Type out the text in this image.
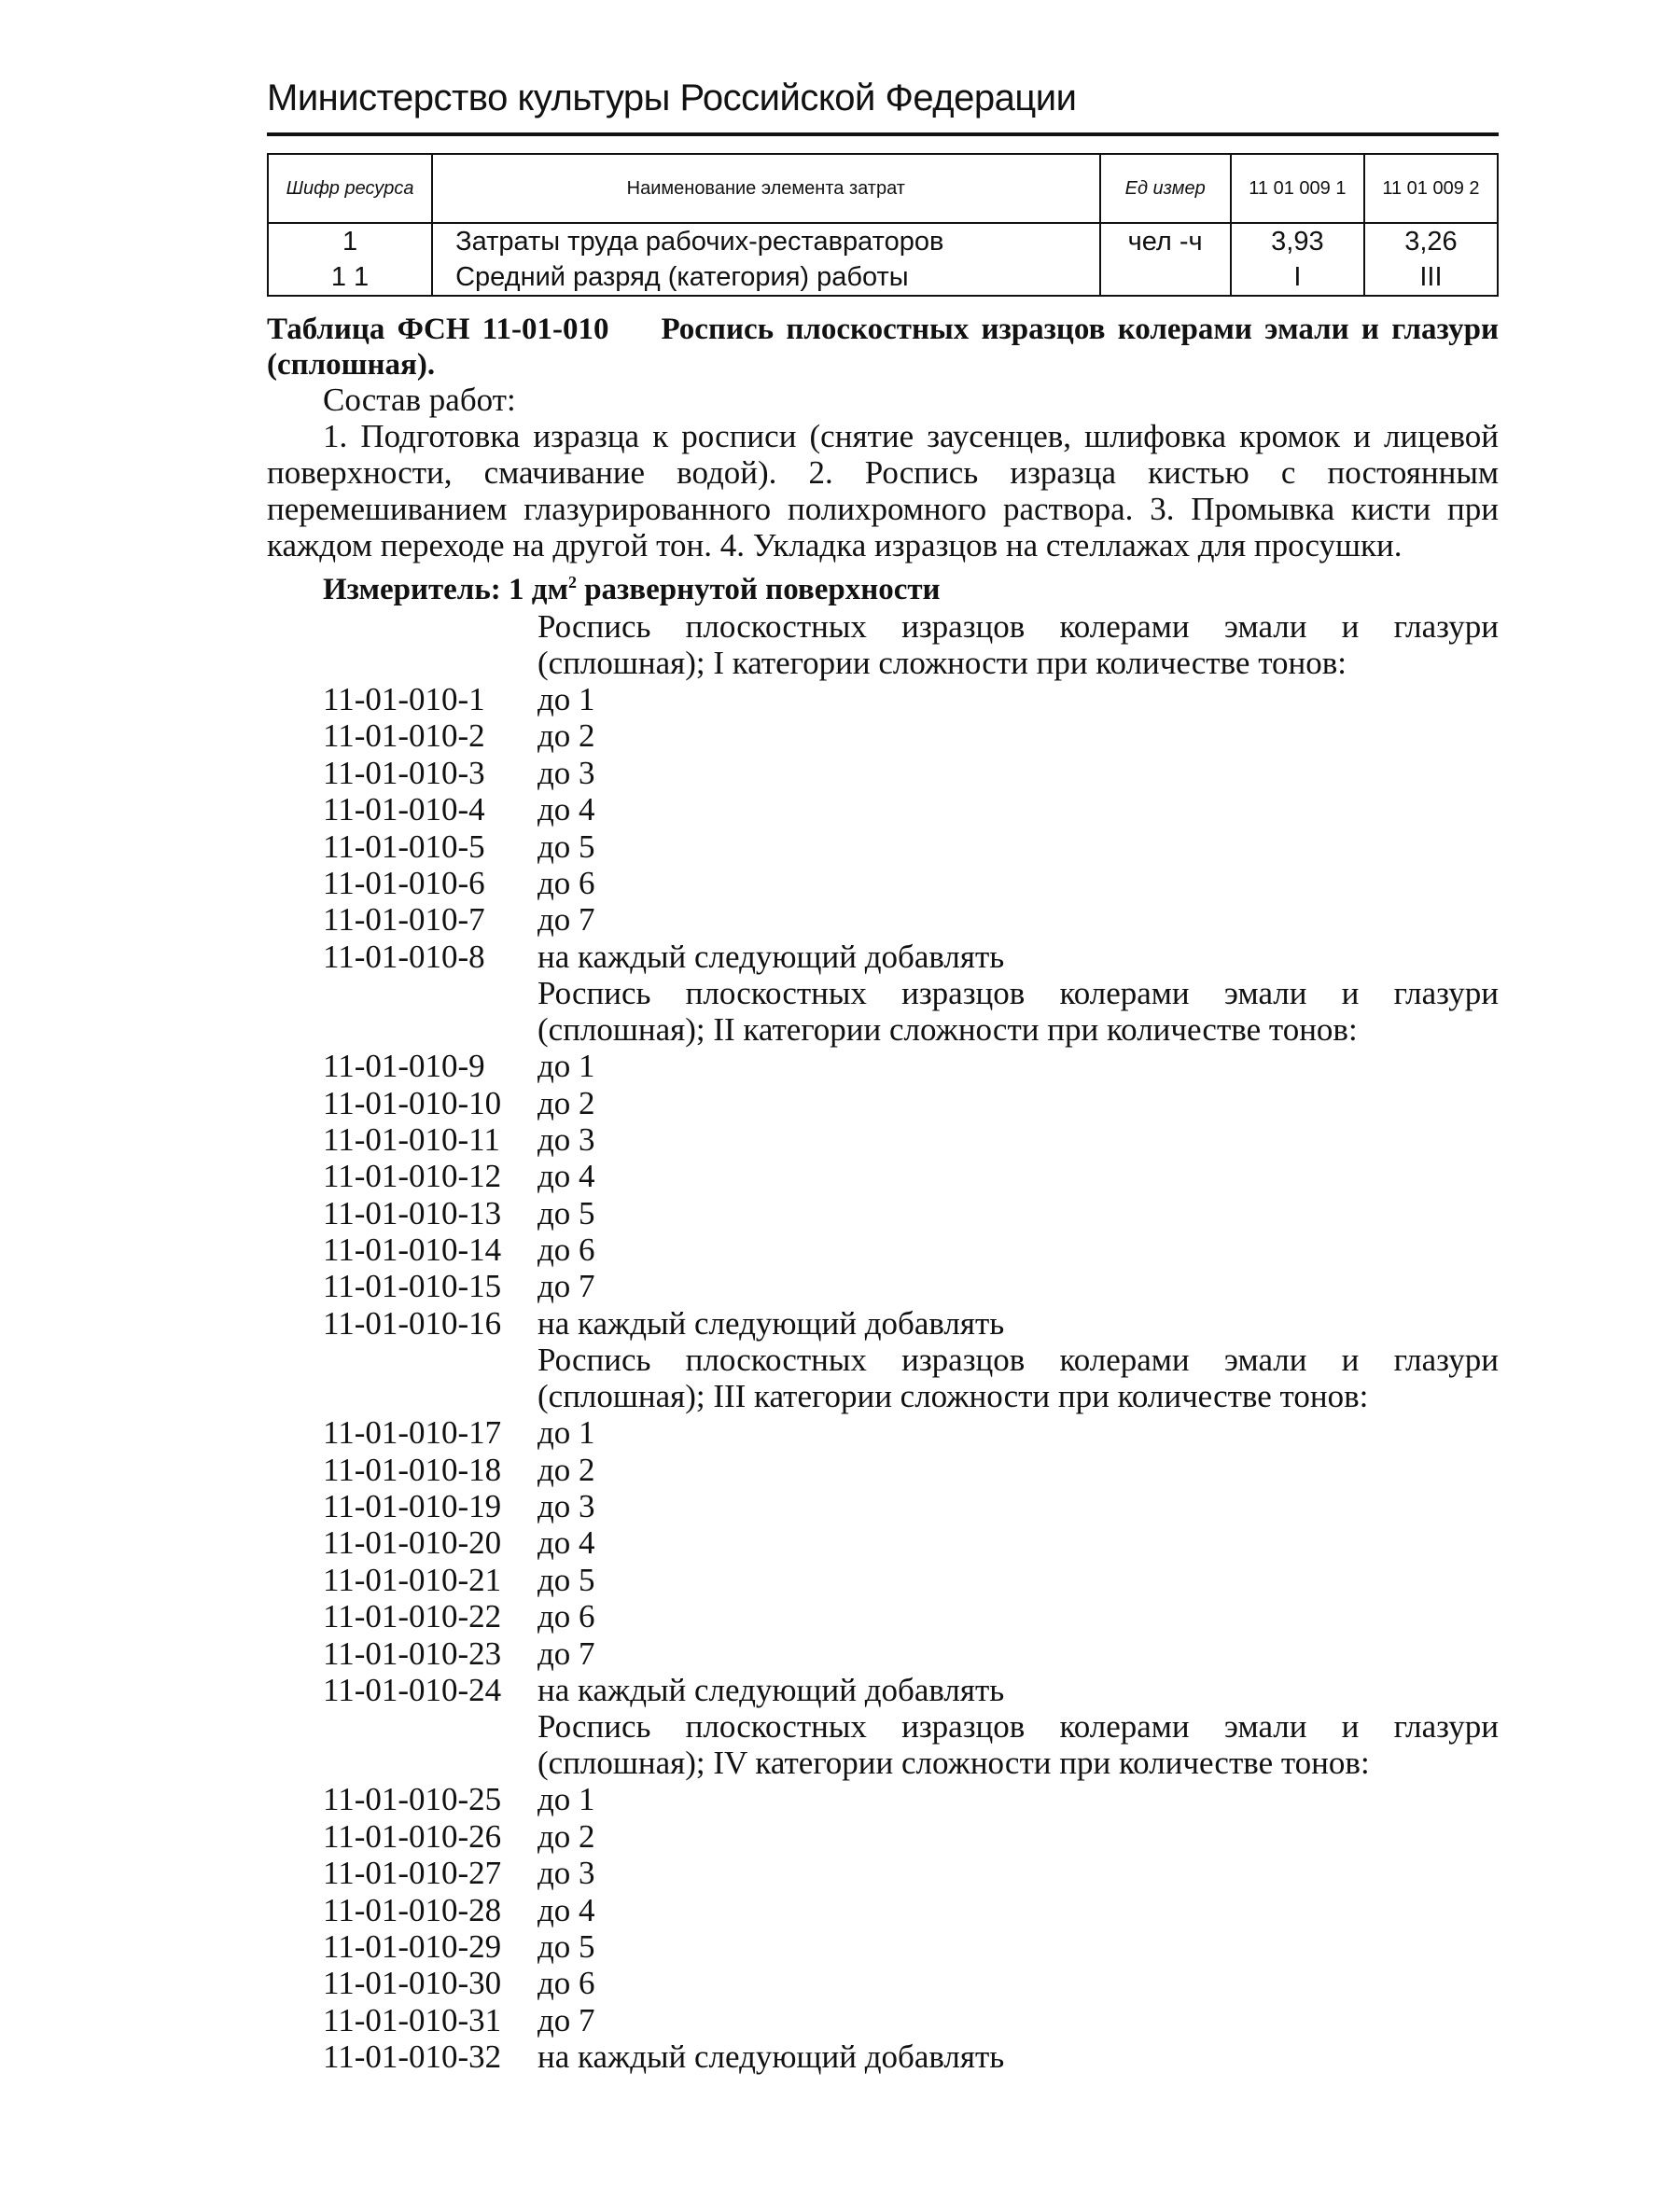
Министерство культуры Российской Федерации
Шифр ресурса	Наименование элемента затрат	Ед измер	11 01 009 1	11 01 009 2
1	Затраты труда рабочих-реставраторов	чел -ч	3,93	3,26
1 1	Средний разряд (категория) работы		I	III
Таблица ФСН 11-01-010 Роспись плоскостных изразцов колерами эмали и глазури (сплошная).
Состав работ:
1. Подготовка изразца к росписи (снятие заусенцев, шлифовка кромок и лицевой поверхности, смачивание водой). 2. Роспись изразца кистью с постоянным перемешиванием глазурированного полихромного раствора. 3. Промывка кисти при каждом переходе на другой тон. 4. Укладка изразцов на стеллажах для просушки.
Измеритель: 1 $дм^2$ развернутой поверхности
Роспись плоскостных изразцов колерами эмали и глазури (сплошная); I категории сложности при количестве тонов:
11-01-010-1	до 1
11-01-010-2	до 2
11-01-010-3	до 3
11-01-010-4	до 4
11-01-010-5	до 5
11-01-010-6	до 6
11-01-010-7	до 7
11-01-010-8	на каждый следующий добавлять
Роспись плоскостных изразцов колерами эмали и глазури (сплошная); II категории сложности при количестве тонов:
11-01-010-9	до 1
11-01-010-10	до 2
11-01-010-11	до 3
11-01-010-12	до 4
11-01-010-13	до 5
11-01-010-14	до 6
11-01-010-15	до 7
11-01-010-16	на каждый следующий добавлять
Роспись плоскостных изразцов колерами эмали и глазури (сплошная); III категории сложности при количестве тонов:
11-01-010-17	до 1
11-01-010-18	до 2
11-01-010-19	до 3
11-01-010-20	до 4
11-01-010-21	до 5
11-01-010-22	до 6
11-01-010-23	до 7
11-01-010-24	на каждый следующий добавлять
Роспись плоскостных изразцов колерами эмали и глазури (сплошная); IV категории сложности при количестве тонов:
11-01-010-25	до 1
11-01-010-26	до 2
11-01-010-27	до 3
11-01-010-28	до 4
11-01-010-29	до 5
11-01-010-30	до 6
11-01-010-31	до 7
11-01-010-32	на каждый следующий добавлять
